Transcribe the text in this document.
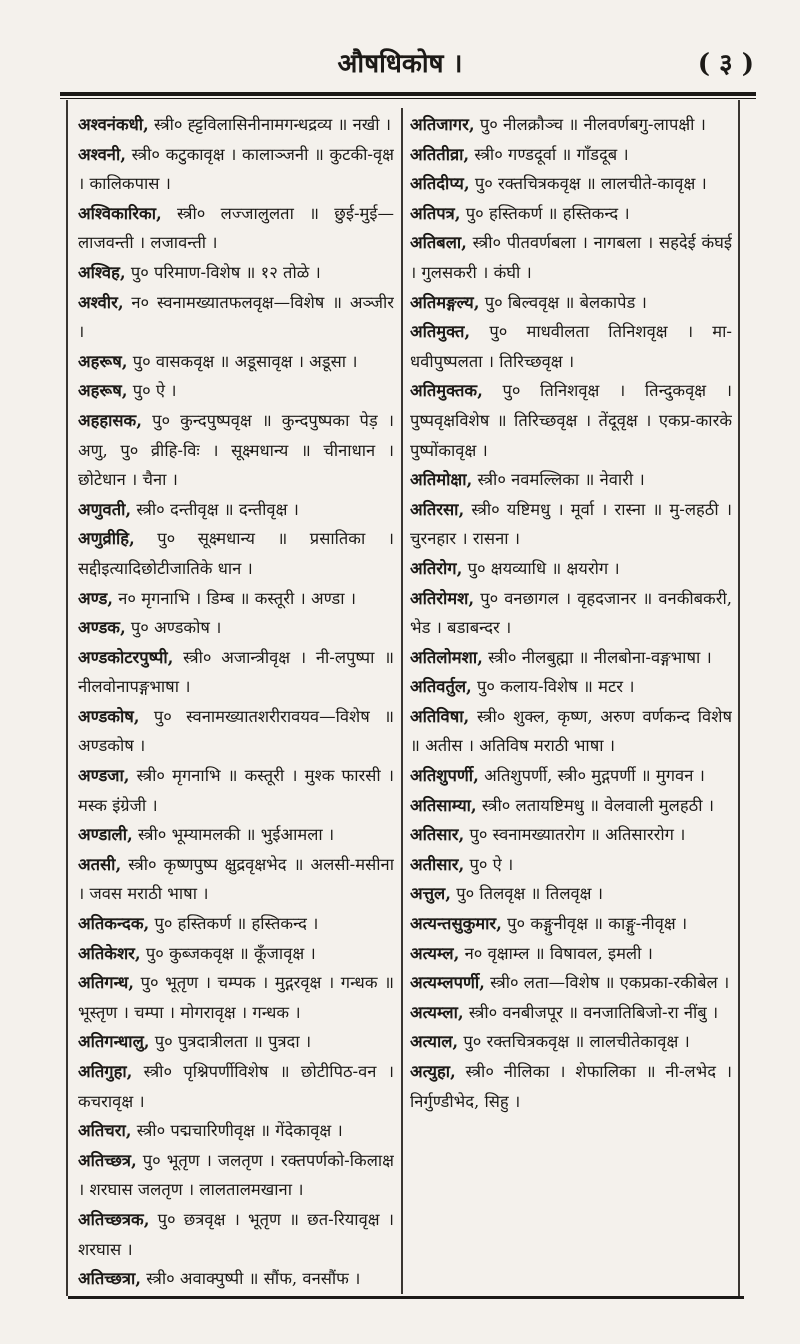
औषधिकोष ।	( ३ )
अश्वनंकधी, स्त्री० ह्ट्टविलासिनीनामगन्धद्रव्य ॥ नखी ।
अश्वनी, स्त्री० कटुकावृक्ष । कालाञ्जनी ॥ कुटकी-वृक्ष । कालिकपास ।
अश्विकारिका, स्त्री० लज्जालुलता ॥ छुई-मुई—लाजवन्ती । लजावन्ती ।
अश्विह, पु० परिमाण-विशेष ॥ १२ तोळे ।
अश्वीर, न० स्वनामख्यातफलवृक्ष—विशेष ॥ अञ्जीर ।
अहरूष, पु० वासकवृक्ष ॥ अडूसावृक्ष । अडूसा ।
अहरूष, पु० ऐ ।
अहहासक, पु० कुन्दपुष्पवृक्ष ॥ कुन्दपुष्पका पेड़ । अणु, पु० व्रीहि-विः । सूक्ष्मधान्य ॥ चीनाधान । छोटेधान । चैना ।
अणुवती, स्त्री० दन्तीवृक्ष ॥ दन्तीवृक्ष ।
अणुव्रीहि, पु० सूक्ष्मधान्य ॥ प्रसातिका । सद्दीइत्यादिछोटीजातिके धान ।
अण्ड, न० मृगनाभि । डिम्ब ॥ कस्तूरी । अण्डा ।
अण्डक, पु० अण्डकोष ।
अण्डकोटरपुष्पी, स्त्री० अजान्त्रीवृक्ष । नी-लपुष्पा ॥ नीलवोनापङ्गभाषा ।
अण्डकोष, पु० स्वनामख्यातशरीरावयव—विशेष ॥ अण्डकोष ।
अण्डजा, स्त्री० मृगनाभि ॥ कस्तूरी । मुश्क फारसी । मस्क इंग्रेजी ।
अण्डाली, स्त्री० भूम्यामलकी ॥ भुईआमला ।
अतसी, स्त्री० कृष्णपुष्प क्षुद्रवृक्षभेद ॥ अलसी-मसीना । जवस मराठी भाषा ।
अतिकन्दक, पु० हस्तिकर्ण ॥ हस्तिकन्द ।
अतिकेशर, पु० कुब्जकवृक्ष ॥ कूँजावृक्ष ।
अतिगन्ध, पु० भूतृण । चम्पक । मुद्गरवृक्ष । गन्धक ॥ भूस्तृण । चम्पा । मोगरावृक्ष । गन्धक ।
अतिगन्धालु, पु० पुत्रदात्रीलता ॥ पुत्रदा ।
अतिगुहा, स्त्री० पृश्निपर्णीविशेष ॥ छोटीपिठ-वन । कचरावृक्ष ।
अतिचरा, स्त्री० पद्मचारिणीवृक्ष ॥ गेंदेकावृक्ष ।
अतिच्छत्र, पु० भूतृण । जलतृण । रक्तपर्णको-किलाक्ष । शरघास जलतृण । लालतालमखाना ।
अतिच्छत्रक, पु० छत्रवृक्ष । भूतृण ॥ छत-रियावृक्ष । शरघास ।
अतिच्छत्रा, स्त्री० अवाक्पुष्पी ॥ सौंफ, वनसौंफ ।
अतिजागर, पु० नीलक्रौञ्च ॥ नीलवर्णबगु-लापक्षी ।
अतितीव्रा, स्त्री० गण्डदूर्वा ॥ गाँडदूब ।
अतिदीप्य, पु० रक्तचित्रकवृक्ष ॥ लालचीते-कावृक्ष ।
अतिपत्र, पु० हस्तिकर्ण ॥ हस्तिकन्द ।
अतिबला, स्त्री० पीतवर्णबला । नागबला । सहदेई कंघई । गुलसकरी । कंघी ।
अतिमङ्गल्य, पु० बिल्ववृक्ष ॥ बेलकापेड ।
अतिमुक्त, पु० माधवीलता तिनिशवृक्ष । मा-धवीपुष्पलता । तिरिच्छवृक्ष ।
अतिमुक्तक, पु० तिनिशवृक्ष । तिन्दुकवृक्ष । पुष्पवृक्षविशेष ॥ तिरिच्छवृक्ष । तेंदूवृक्ष । एकप्र-कारके पुष्पोंकावृक्ष ।
अतिमोक्षा, स्त्री० नवमल्लिका ॥ नेवारी ।
अतिरसा, स्त्री० यष्टिमधु । मूर्वा । रास्ना ॥ मु-लहठी । चुरनहार । रासना ।
अतिरोग, पु० क्षयव्याधि ॥ क्षयरोग ।
अतिरोमश, पु० वनछागल । वृहदजानर ॥ वनकीबकरी, भेड । बडाबन्दर ।
अतिलोमशा, स्त्री० नीलबुह्मा ॥ नीलबोना-वङ्गभाषा ।
अतिवर्तुल, पु० कलाय-विशेष ॥ मटर ।
अतिविषा, स्त्री० शुक्ल, कृष्ण, अरुण वर्णकन्द विशेष ॥ अतीस । अतिविष मराठी भाषा ।
अतिशुपर्णी, अतिशुपर्णी, स्त्री० मुद्गपर्णी ॥ मुगवन ।
अतिसाम्या, स्त्री० लतायष्टिमधु ॥ वेलवाली मुलहठी ।
अतिसार, पु० स्वनामख्यातरोग ॥ अतिसाररोग ।
अतीसार, पु० ऐ ।
अत्तुल, पु० तिलवृक्ष ॥ तिलवृक्ष ।
अत्यन्तसुकुमार, पु० कङ्गुनीवृक्ष ॥ काङ्गु-नीवृक्ष ।
अत्यम्ल, न० वृक्षाम्ल ॥ विषावल, इमली ।
अत्यम्लपर्णी, स्त्री० लता—विशेष ॥ एकप्रका-रकीबेल ।
अत्यम्ला, स्त्री० वनबीजपूर ॥ वनजातिबिजो-रा नींबु ।
अत्याल, पु० रक्तचित्रकवृक्ष ॥ लालचीतेकावृक्ष ।
अत्युहा, स्त्री० नीलिका । शेफालिका ॥ नी-लभेद । निर्गुण्डीभेद, सिहु ।
